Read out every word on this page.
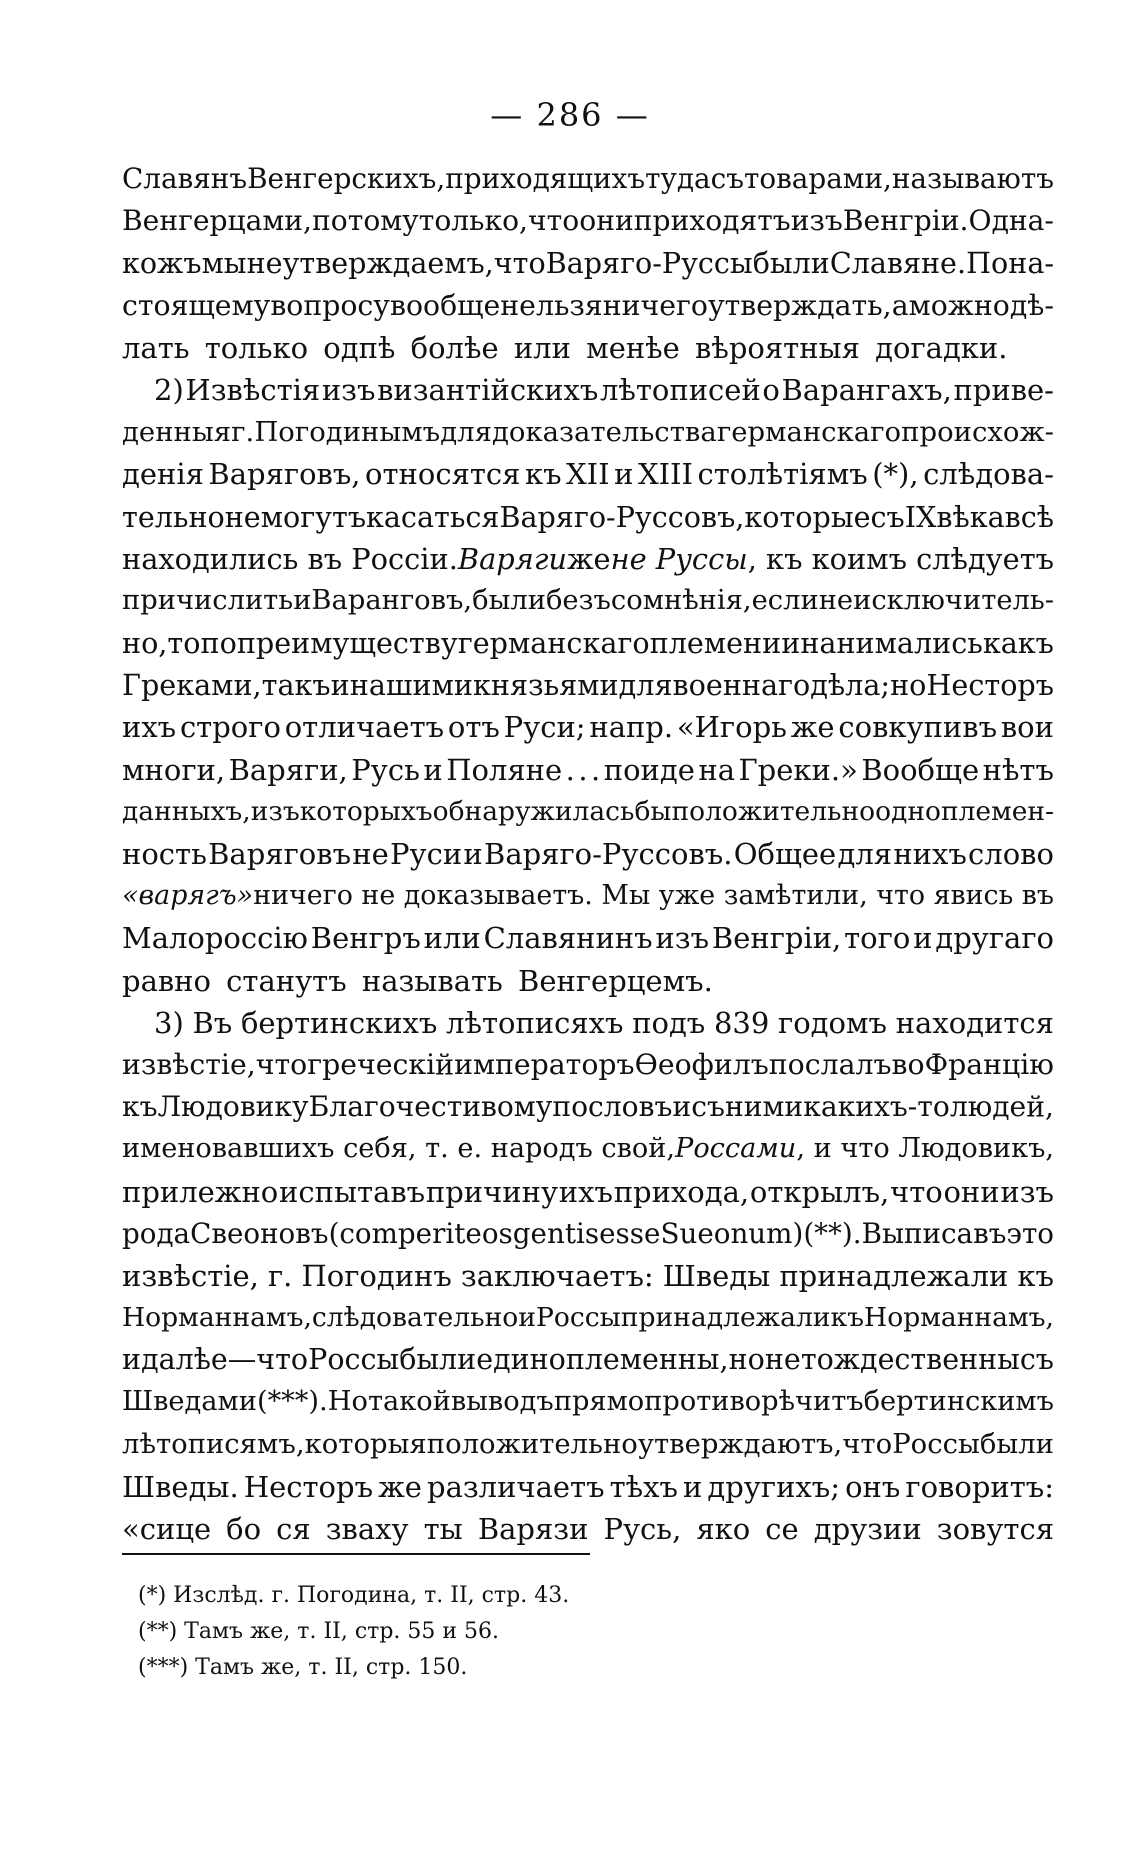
— 286 —
Славянъ Венгерскихъ, приходящихъ туда съ товарами, называютъ
Венгерцами, потому только, что они приходятъ изъ Венгріи. Одна-
кожъ мы не утверждаемъ, что Варяго-Руссы были Славяне. По на-
стоящему вопросу вообще нельзя ничего утверждать, а можно дѣ-
лать только одпѣ болѣе или менѣе вѣроятныя догадки.
2) Извѣстія изъ византійскихъ лѣтописей о Варангахъ, приве-
денныя г. Погодинымъ для доказательства германскаго происхож-
денія Варяговъ, относятся къ XII и XIII столѣтіямъ (*), слѣдова-
тельно не могутъ касаться Варяго-Руссовъ, которые съ IX вѣка всѣ
находились въ Россіи. Варяги же не Руссы , къ коимъ слѣдуетъ
причислить и Варанговъ, были безъ сомнѣнія, если не исключитель-
но, то по преимуществу германскаго племени и нанимались какъ
Греками, такъ и нашими князьями для военнаго дѣла; но Несторъ
ихъ строго отличаетъ отъ Руси; напр. «Игорь же совкупивъ вои
многи, Варяги, Русь и Поляне . . . поиде на Греки.» Вообще нѣтъ
данныхъ, изъ которыхъ обнаружилась бы положительно одноплемен-
ность Варяговъ не Руси и Варяго-Руссовъ. Общее для нихъ слово
«варягъ» ничего не доказываетъ. Мы уже замѣтили, что явись въ
Малороссію Венгръ или Славянинъ изъ Венгріи, того и другаго
равно станутъ называть Венгерцемъ.
3) Въ бертинскихъ лѣтописяхъ подъ 839 годомъ находится
извѣстіе, что греческій императоръ Ѳеофилъ послалъ во Францію
къ Людовику Благочестивому пословъ и съ ними какихъ-то людей,
именовавшихъ себя, т. е. народъ свой, Россами , и что Людовикъ,
прилежно испытавъ причину ихъ прихода, открылъ, что они изъ
рода Свеоновъ (comperit eos gentis esse Sueonum) (**). Выписавъ это
извѣстіе, г. Погодинъ заключаетъ: Шведы принадлежали къ
Норманнамъ, слѣдовательно и Россы принадлежали къ Норманнамъ,
и далѣе—что Россы были единоплеменны, но не тождественны съ
Шведами (***). Но такой выводъ прямо противорѣчитъ бертинскимъ
лѣтописямъ, которыя положительно утверждаютъ, что Россы были
Шведы. Несторъ же различаетъ тѣхъ и другихъ; онъ говоритъ:
«сице бо ся зваху ты Варязи Русь, яко се друзии зовутся
(*) Изслѣд. г. Погодина, т. II, стр. 43.
(**) Тамъ же, т. II, стр. 55 и 56.
(***) Тамъ же, т. II, стр. 150.
